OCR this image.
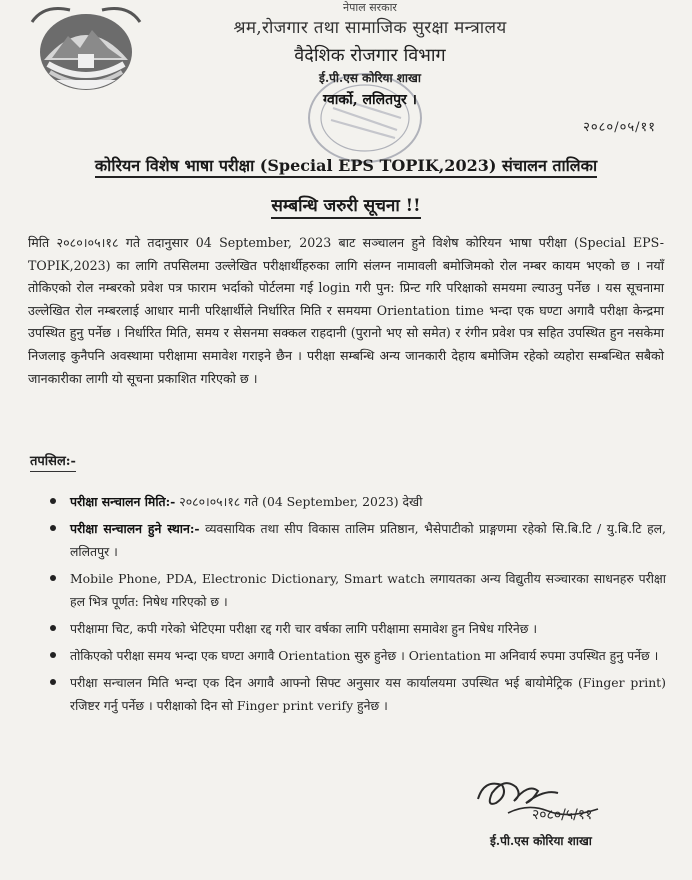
नेपाल सरकार
श्रम,रोजगार तथा सामाजिक सुरक्षा मन्त्रालय
वैदेशिक रोजगार विभाग
ई.पी.एस कोरिया शाखा
ग्वार्को, ललितपुर ।
२०८०/०५/११
कोरियन विशेष भाषा परीक्षा (Special EPS TOPIK,2023) संचालन तालिका
सम्बन्धि जरुरी सूचना !!
मिति २०८०।०५।१८ गते तदानुसार 04 September, 2023 बाट सञ्चालन हुने विशेष कोरियन भाषा परीक्षा (Special EPS-TOPIK,2023) का लागि तपसिलमा उल्लेखित परीक्षार्थीहरुका लागि संलग्न नामावली बमोजिमको रोल नम्बर कायम भएको छ । नयाँ तोकिएको रोल नम्बरको प्रवेश पत्र फाराम भर्दाको पोर्टलमा गई login गरी पुन: प्रिन्ट गरि परिक्षाको समयमा ल्याउनु पर्नेछ । यस सूचनामा उल्लेखित रोल नम्बरलाई आधार मानी परिक्षार्थीले निर्धारित मिति र समयमा Orientation time भन्दा एक घण्टा अगावै परीक्षा केन्द्रमा उपस्थित हुनु पर्नेछ । निर्धारित मिति, समय र सेसनमा सक्कल राहदानी (पुरानो भए सो समेत) र रंगीन प्रवेश पत्र सहित उपस्थित हुन नसकेमा निजलाइ कुनैपनि अवस्थामा परीक्षामा समावेश गराइने छैन । परीक्षा सम्बन्धि अन्य जानकारी देहाय बमोजिम रहेको व्यहोरा सम्बन्धित सबैको जानकारीका लागी यो सूचना प्रकाशित गरिएको छ ।
तपसिल:-
परीक्षा सन्चालन मिति:- २०८०।०५।१८ गते (04 September, 2023) देखी
परीक्षा सन्चालन हुने स्थान:- व्यवसायिक तथा सीप विकास तालिम प्रतिष्ठान, भैसेपाटीको प्राङ्गणमा रहेको सि.बि.टि / यु.बि.टि हल, ललितपुर ।
Mobile Phone, PDA, Electronic Dictionary, Smart watch लगायतका अन्य विद्युतीय सञ्चारका साधनहरु परीक्षा हल भित्र पूर्णत: निषेध गरिएको छ ।
परीक्षामा चिट, कपी गरेको भेटिएमा परीक्षा रद्द गरी चार वर्षका लागि परीक्षामा समावेश हुन निषेध गरिनेछ ।
तोकिएको परीक्षा समय भन्दा एक घण्टा अगावै Orientation सुरु हुनेछ । Orientation मा अनिवार्य रुपमा उपस्थित हुनु पर्नेछ ।
परीक्षा सन्चालन मिति भन्दा एक दिन अगावै आफ्नो सिफ्ट अनुसार यस कार्यालयमा उपस्थित भई बायोमेट्रिक (Finger print) रजिष्टर गर्नु पर्नेछ । परीक्षाको दिन सो Finger print verify हुनेछ ।
२०८०/५/११
ई.पी.एस कोरिया शाखा
